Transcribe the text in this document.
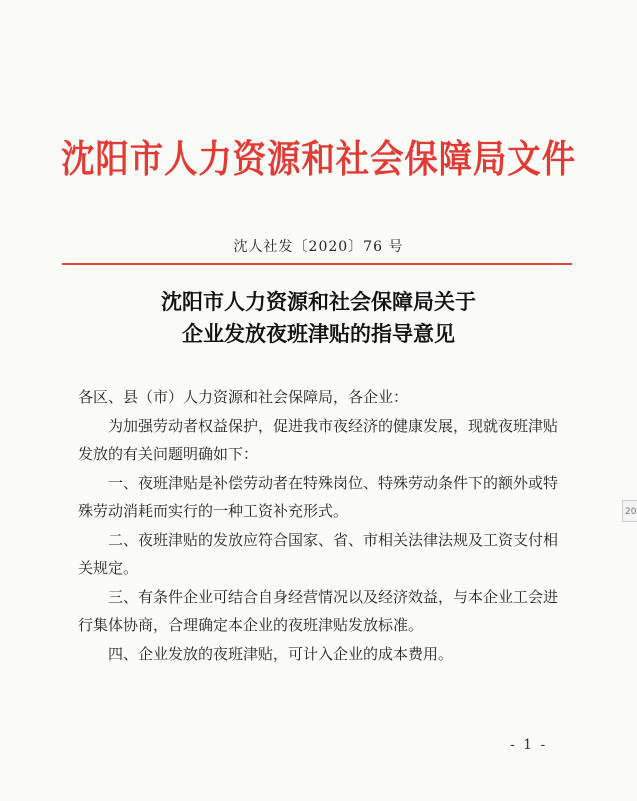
沈阳市人力资源和社会保障局文件
沈人社发〔2020〕76 号
沈阳市人力资源和社会保障局关于
企业发放夜班津贴的指导意见

各区、县（市）人力资源和社会保障局，各企业：

为加强劳动者权益保护，促进我市夜经济的健康发展，现就夜班津贴发放的有关问题明确如下：

一、夜班津贴是补偿劳动者在特殊岗位、特殊劳动条件下的额外或特殊劳动消耗而实行的一种工资补充形式。

二、夜班津贴的发放应符合国家、省、市相关法律法规及工资支付相关规定。

三、有条件企业可结合自身经营情况以及经济效益，与本企业工会进行集体协商，合理确定本企业的夜班津贴发放标准。

四、企业发放的夜班津贴，可计入企业的成本费用。

- 1 -
20
